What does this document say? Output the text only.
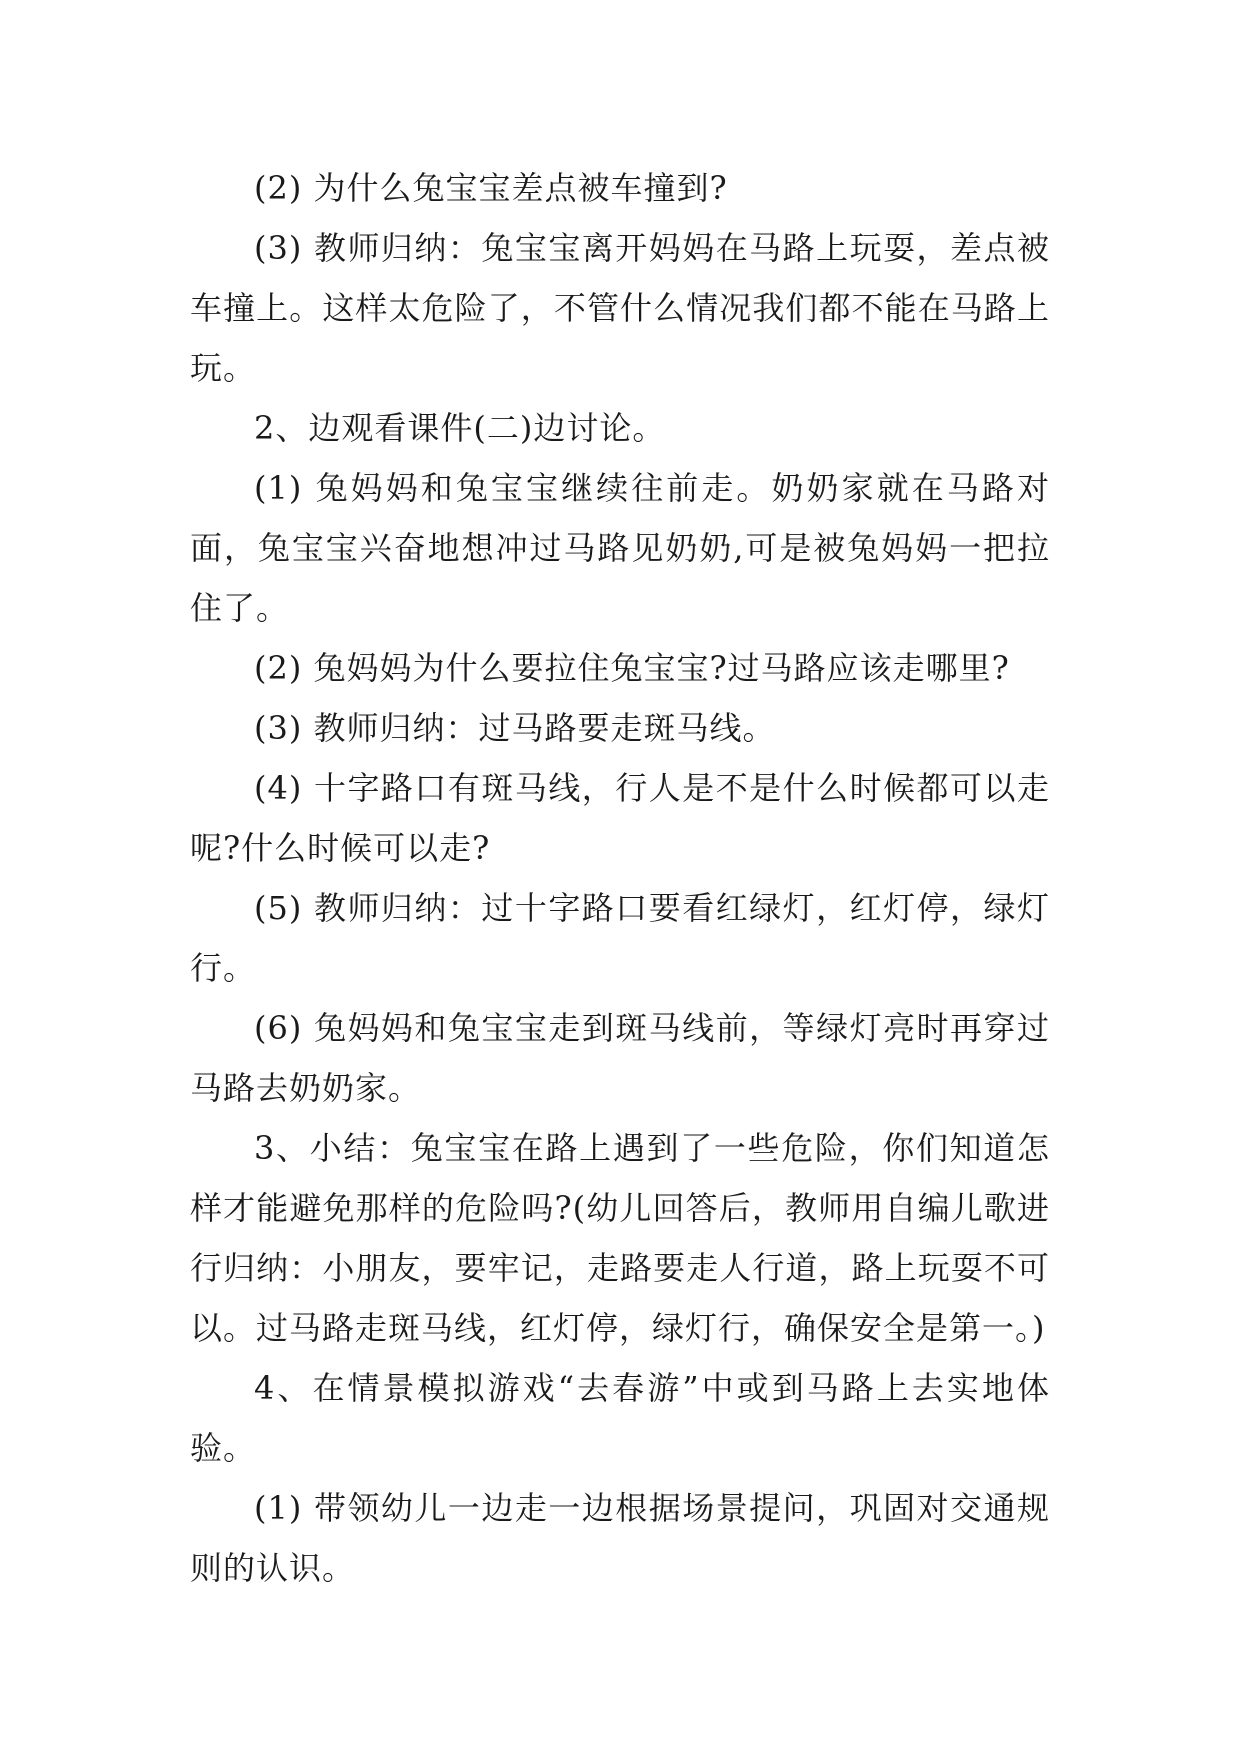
(2) 为什么兔宝宝差点被车撞到?

(3) 教师归纳：兔宝宝离开妈妈在马路上玩耍，差点被车撞上。这样太危险了，不管什么情况我们都不能在马路上玩。

2、边观看课件(二)边讨论。

(1) 兔妈妈和兔宝宝继续往前走。奶奶家就在马路对面，兔宝宝兴奋地想冲过马路见奶奶,可是被兔妈妈一把拉住了。

(2) 兔妈妈为什么要拉住兔宝宝?过马路应该走哪里?

(3) 教师归纳：过马路要走斑马线。

(4) 十字路口有斑马线，行人是不是什么时候都可以走呢?什么时候可以走?

(5) 教师归纳：过十字路口要看红绿灯，红灯停，绿灯行。

(6) 兔妈妈和兔宝宝走到斑马线前，等绿灯亮时再穿过马路去奶奶家。

3、小结：兔宝宝在路上遇到了一些危险，你们知道怎样才能避免那样的危险吗?(幼儿回答后，教师用自编儿歌进行归纳：小朋友，要牢记，走路要走人行道，路上玩耍不可以。过马路走斑马线，红灯停，绿灯行，确保安全是第一。)

4、在情景模拟游戏“去春游”中或到马路上去实地体验。

(1) 带领幼儿一边走一边根据场景提问，巩固对交通规则的认识。
